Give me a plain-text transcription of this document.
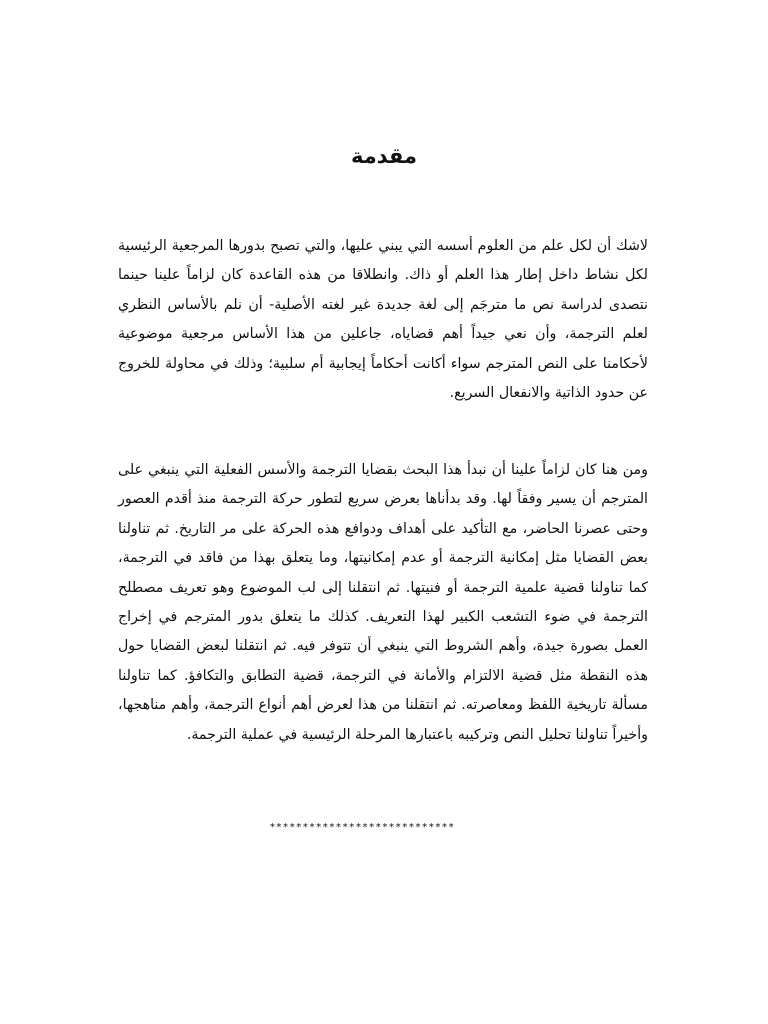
مقدمة

لاشك أن لكل علم من العلوم أسسه التي يبني عليها، والتي تصبح بدورها المرجعية الرئيسية لكل نشاط داخل إطار هذا العلم أو ذاك. وانطلاقا من هذه القاعدة كان لزاماً علينا حينما نتصدى لدراسة نص ما مترجَم إلى لغة جديدة غير لغته الأصلية- أن نلم بالأساس النظري لعلم الترجمة، وأن نعي جيداً أهم قضاياه، جاعلين من هذا الأساس مرجعية موضوعية لأحكامنا على النص المترجم سواء أكانت أحكاماً إيجابية أم سلبية؛ وذلك في محاولة للخروج عن حدود الذاتية والانفعال السريع.

ومن هنا كان لزاماً علينا أن نبدأ هذا البحث بقضايا الترجمة والأسس الفعلية التي ينبغي على المترجم أن يسير وفقاً لها. وقد بدأناها بعرض سريع لتطور حركة الترجمة منذ أقدم العصور وحتى عصرنا الحاضر، مع التأكيد على أهداف ودوافع هذه الحركة على مر التاريخ. ثم تناولنا بعض القضايا مثل إمكانية الترجمة أو عدم إمكانيتها، وما يتعلق بهذا من فاقد في الترجمة، كما تناولنا قضية علمية الترجمة أو فنيتها. ثم انتقلنا إلى لب الموضوع وهو تعريف مصطلح الترجمة في ضوء التشعب الكبير لهذا التعريف. كذلك ما يتعلق بدور المترجم في إخراج العمل بصورة جيدة، وأهم الشروط التي ينبغي أن تتوفر فيه. ثم انتقلنا لبعض القضايا حول هذه النقطة مثل قضية الالتزام والأمانة في الترجمة، قضية التطابق والتكافؤ. كما تناولنا مسألة تاريخية اللفظ ومعاصرته. ثم انتقلنا من هذا لعرض أهم أنواع الترجمة، وأهم مناهجها، وأخيراً تناولنا تحليل النص وتركيبه باعتبارها المرحلة الرئيسية في عملية الترجمة.

****************************
